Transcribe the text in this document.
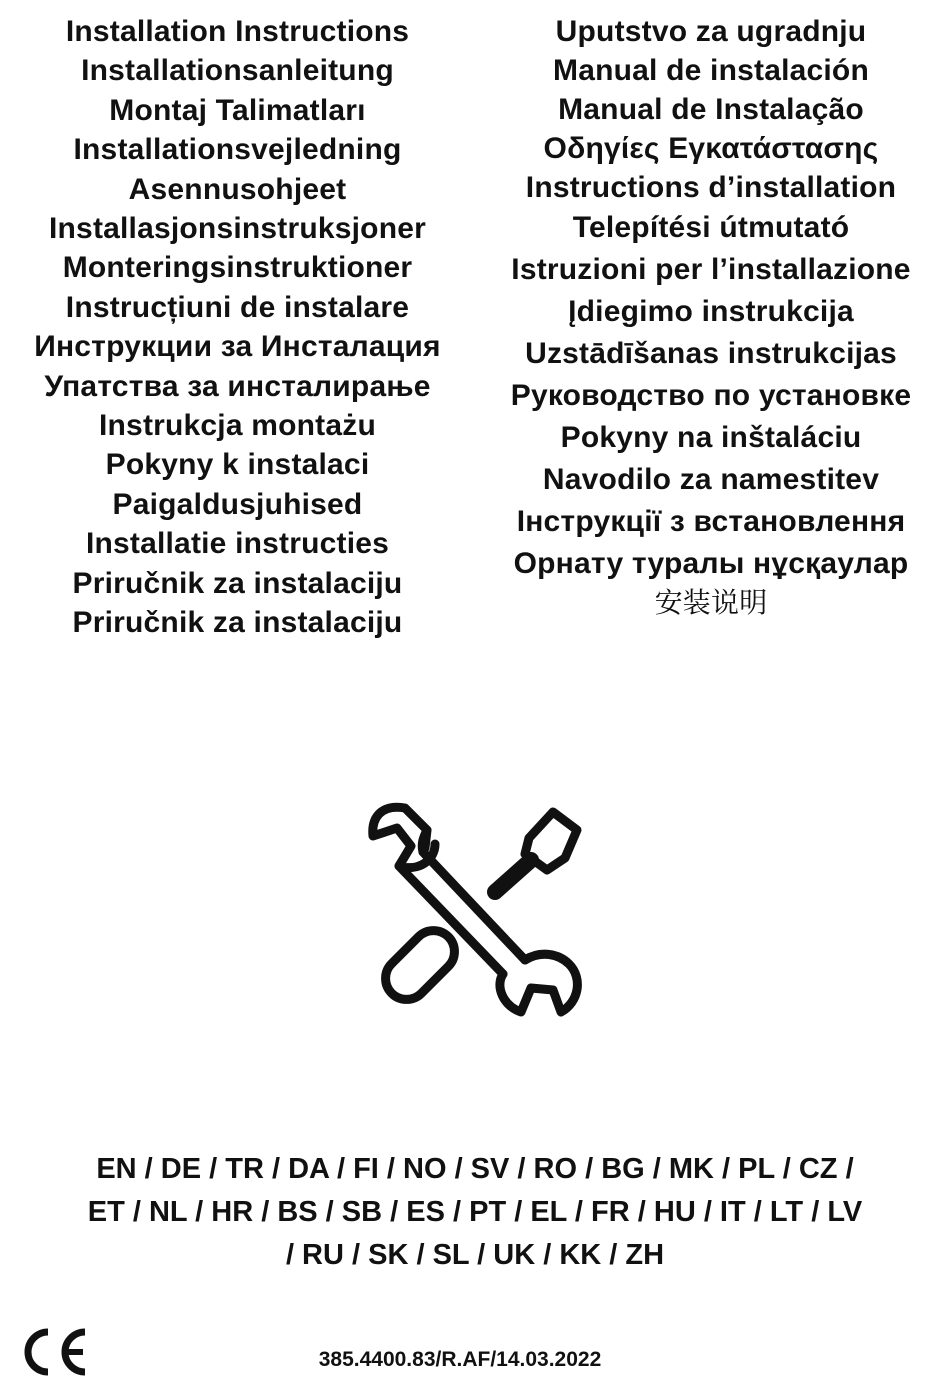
Installation Instructions
Installationsanleitung
Montaj Talimatları
Installationsvejledning
Asennusohjeet
Installasjonsinstruksjoner
Monteringsinstruktioner
Instrucțiuni de instalare
Инструкции за Инсталация
Упатства за инсталирање
Instrukcja montażu
Pokyny k instalaci
Paigaldusjuhised
Installatie instructies
Priručnik za instalaciju
Priručnik za instalaciju
Uputstvo za ugradnju
Manual de instalación
Manual de Instalação
Οδηγίες Εγκατάστασης
Instructions d’installation
Telepítési útmutató
Istruzioni per l’installazione
Įdiegimo instrukcija
Uzstādīšanas instrukcijas
Руководство по установке
Pokyny na inštaláciu
Navodilo za namestitev
Інструкції з встановлення
Орнату туралы нұсқаулар
安装说明
EN / DE / TR / DA / FI / NO / SV / RO / BG / MK / PL / CZ /
ET / NL / HR / BS / SB / ES / PT / EL / FR / HU / IT / LT / LV
/ RU / SK / SL / UK / KK / ZH
385.4400.83/R.AF/14.03.2022
